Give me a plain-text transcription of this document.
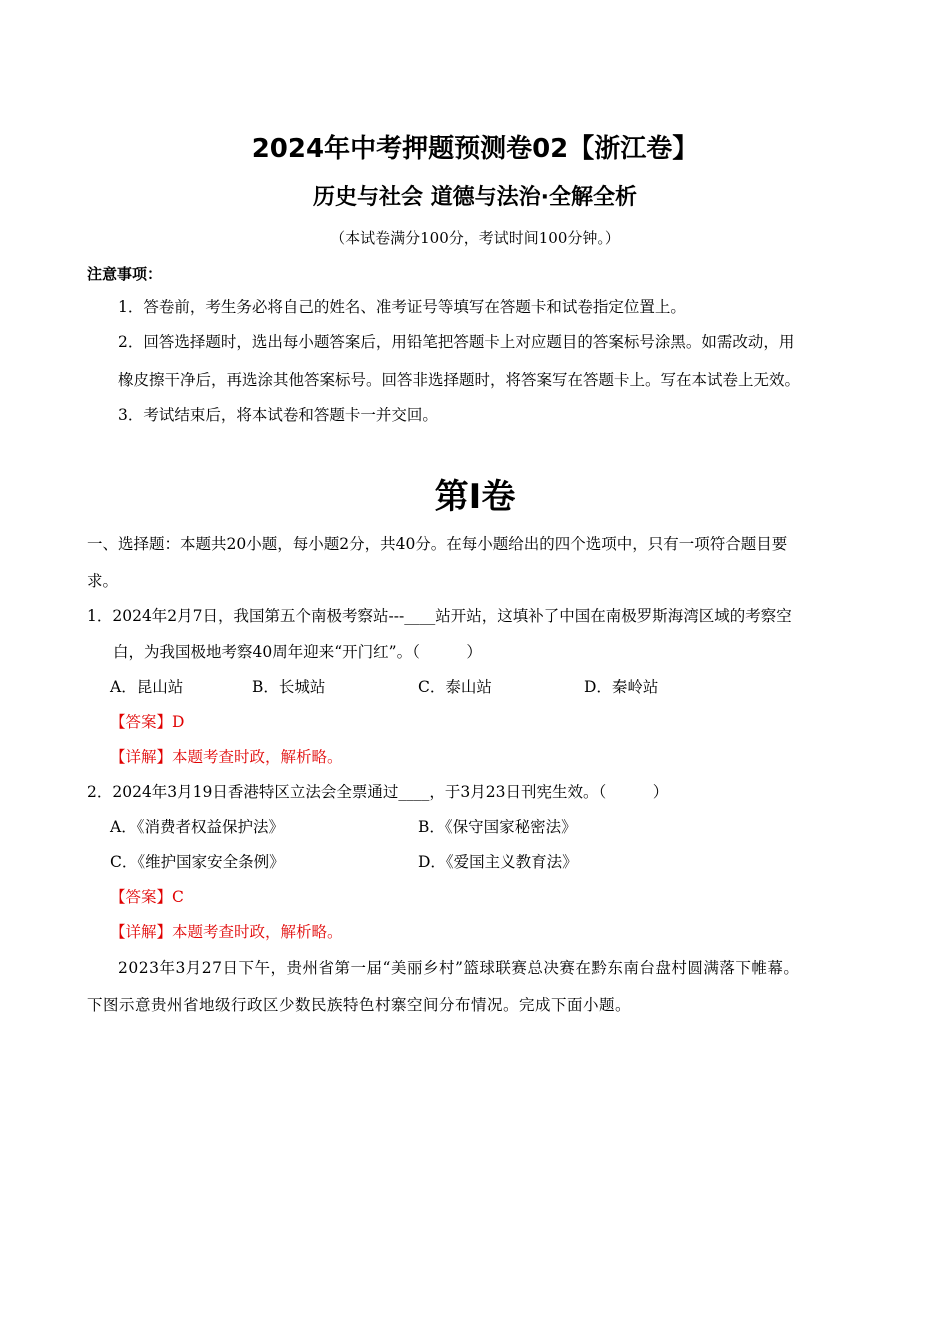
2024年中考押题预测卷02【浙江卷】
历史与社会 道德与法治·全解全析
（本试卷满分100分，考试时间100分钟。）
注意事项：
1．答卷前，考生务必将自己的姓名、准考证号等填写在答题卡和试卷指定位置上。
2．回答选择题时，选出每小题答案后，用铅笔把答题卡上对应题目的答案标号涂黑。如需改动，用
橡皮擦干净后，再选涂其他答案标号。回答非选择题时，将答案写在答题卡上。写在本试卷上无效。
3．考试结束后，将本试卷和答题卡一并交回。
第Ⅰ卷
一、选择题：本题共20小题，每小题2分，共40分。在每小题给出的四个选项中，只有一项符合题目要
求。
1．2024年2月7日，我国第五个南极考察站---____站开站，这填补了中国在南极罗斯海湾区域的考察空
白，为我国极地考察40周年迎来“开门红”。（　　　）
A．昆山站	B．长城站	C．泰山站	D．秦岭站
【答案】D
【详解】本题考查时政，解析略。
2．2024年3月19日香港特区立法会全票通过____，于3月23日刊宪生效。（　　　）
A．《消费者权益保护法》	B．《保守国家秘密法》
C．《维护国家安全条例》	D．《爱国主义教育法》
【答案】C
【详解】本题考查时政，解析略。
2023年3月27日下午，贵州省第一届“美丽乡村”篮球联赛总决赛在黔东南台盘村圆满落下帷幕。
下图示意贵州省地级行政区少数民族特色村寨空间分布情况。完成下面小题。
